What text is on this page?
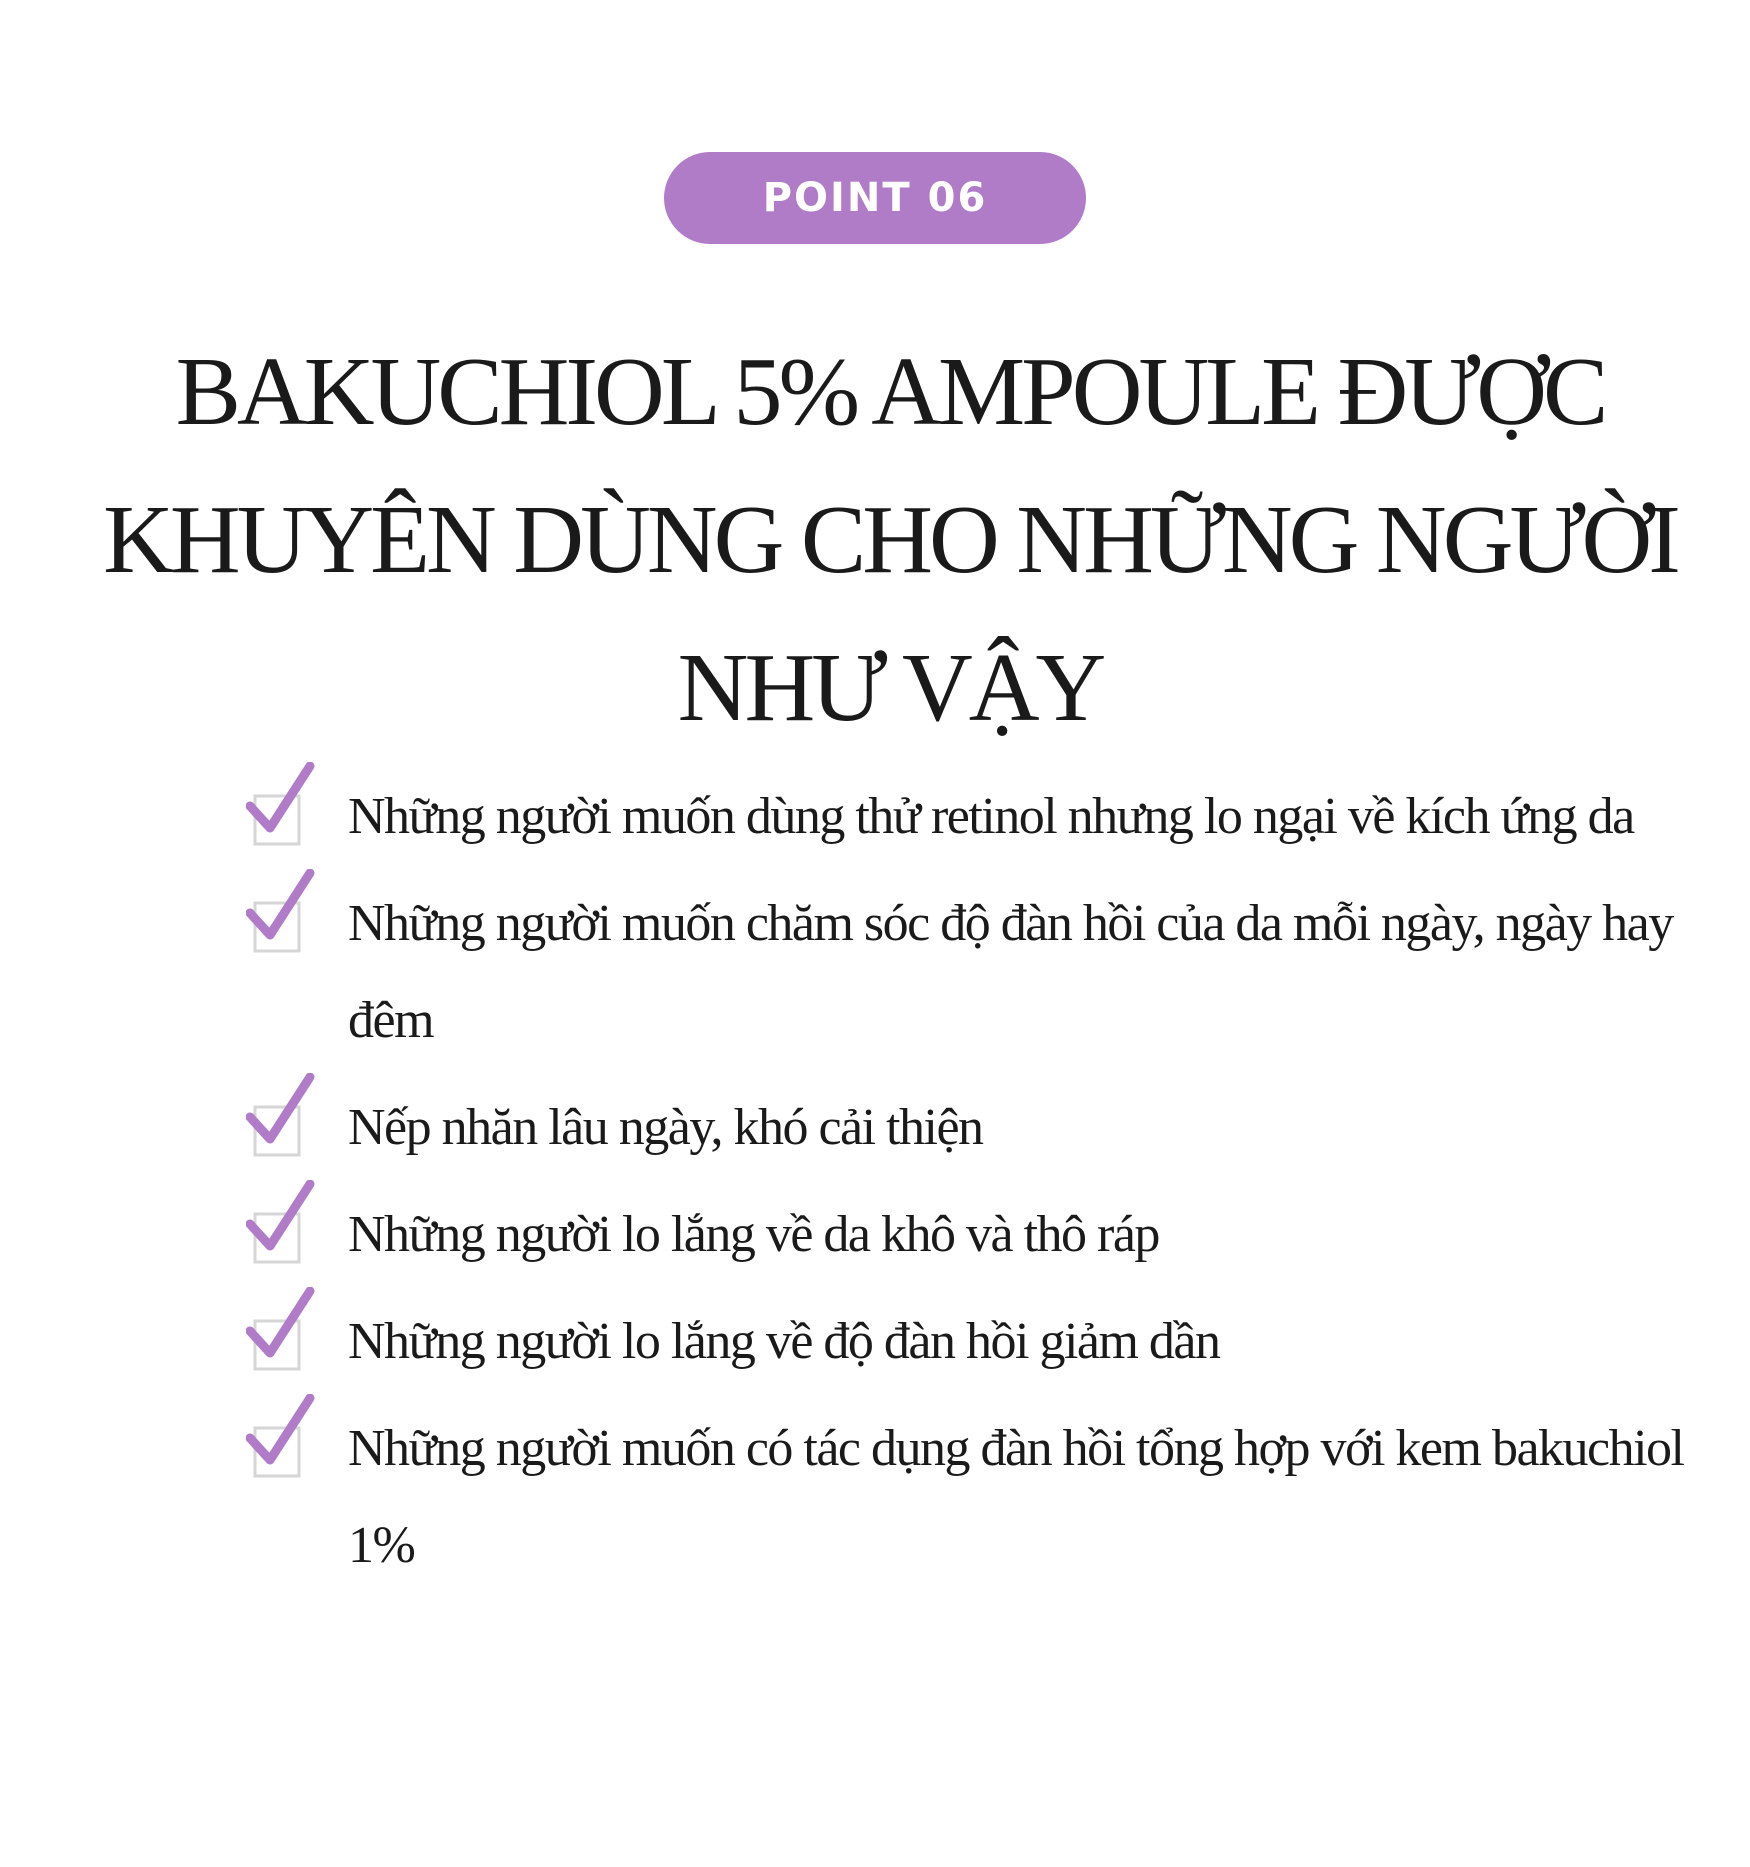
POINT 06
BAKUCHIOL 5% AMPOULE ĐƯỢC
KHUYÊN DÙNG CHO NHỮNG NGƯỜI
NHƯ VẬY
Những người muốn dùng thử retinol nhưng lo ngại về kích ứng da
Những người muốn chăm sóc độ đàn hồi của da mỗi ngày, ngày hay đêm
Nếp nhăn lâu ngày, khó cải thiện
Những người lo lắng về da khô và thô ráp
Những người lo lắng về độ đàn hồi giảm dần
Những người muốn có tác dụng đàn hồi tổng hợp với kem bakuchiol 1%
